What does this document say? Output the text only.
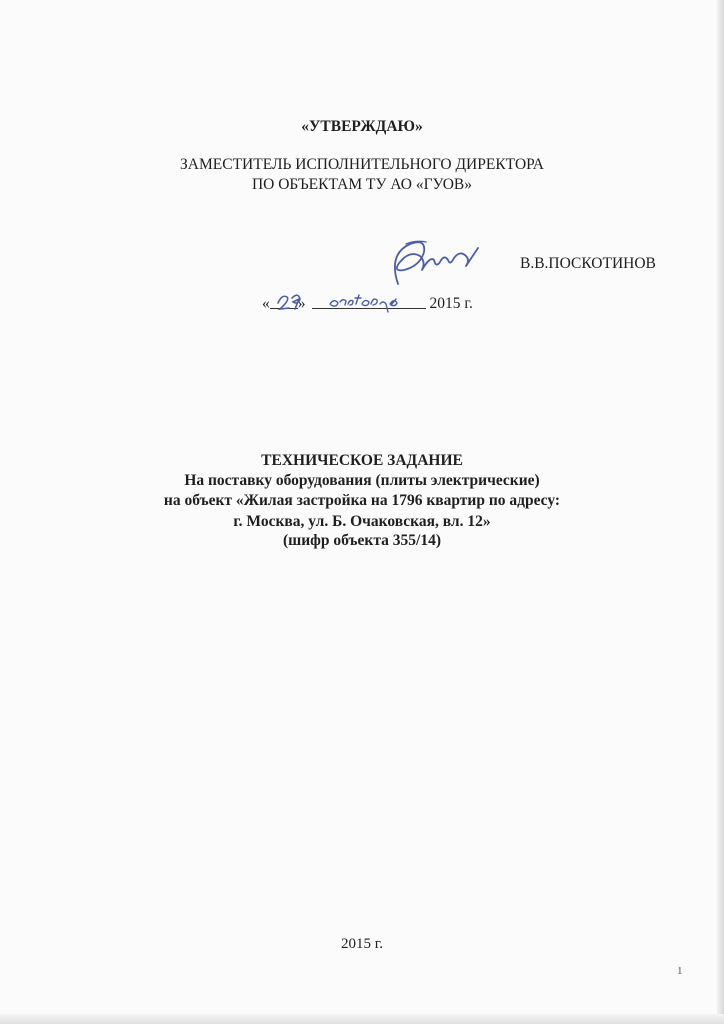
«УТВЕРЖДАЮ»
ЗАМЕСТИТЕЛЬ ИСПОЛНИТЕЛЬНОГО ДИРЕКТОРА
ПО ОБЪЕКТАМ ТУ АО «ГУОВ»
В.В.ПОСКОТИНОВ
« »	2015 г.
ТЕХНИЧЕСКОЕ ЗАДАНИЕ
На поставку оборудования (плиты электрические)
на объект «Жилая застройка на 1796 квартир по адресу:
г. Москва, ул. Б. Очаковская, вл. 12»
(шифр объекта 355/14)
2015 г.
1
